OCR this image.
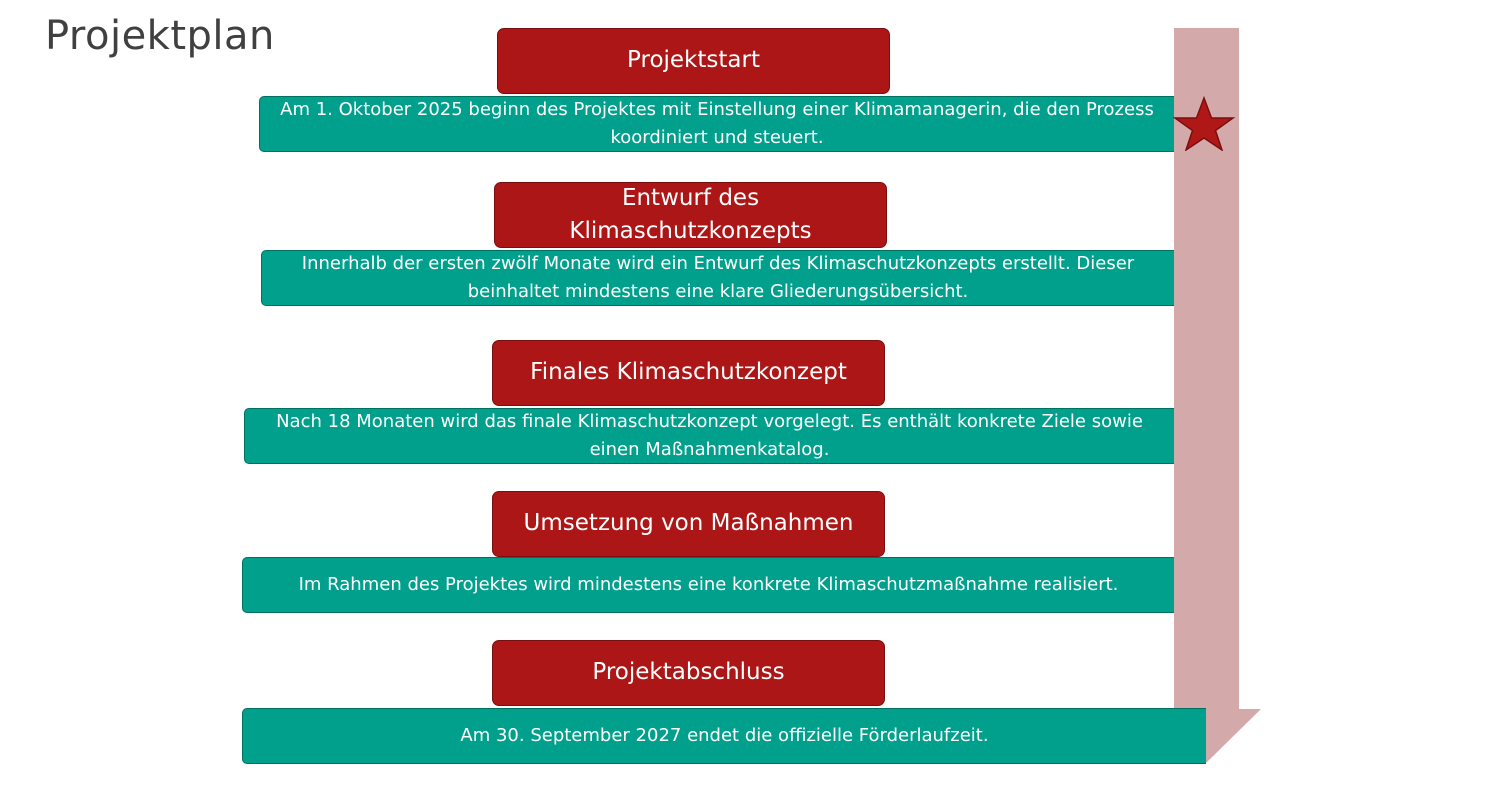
Projektplan
Projektstart
Am 1. Oktober 2025 beginn des Projektes mit Einstellung einer Klimamanagerin, die den Prozess koordiniert und steuert.
Entwurf des Klimaschutzkonzepts
Innerhalb der ersten zwölf Monate wird ein Entwurf des Klimaschutzkonzepts erstellt. Dieser beinhaltet mindestens eine klare Gliederungsübersicht.
Finales Klimaschutzkonzept
Nach 18 Monaten wird das finale Klimaschutzkonzept vorgelegt. Es enthält konkrete Ziele sowie einen Maßnahmenkatalog.
Umsetzung von Maßnahmen
Im Rahmen des Projektes wird mindestens eine konkrete Klimaschutzmaßnahme realisiert.
Projektabschluss
Am 30. September 2027 endet die offizielle Förderlaufzeit.
